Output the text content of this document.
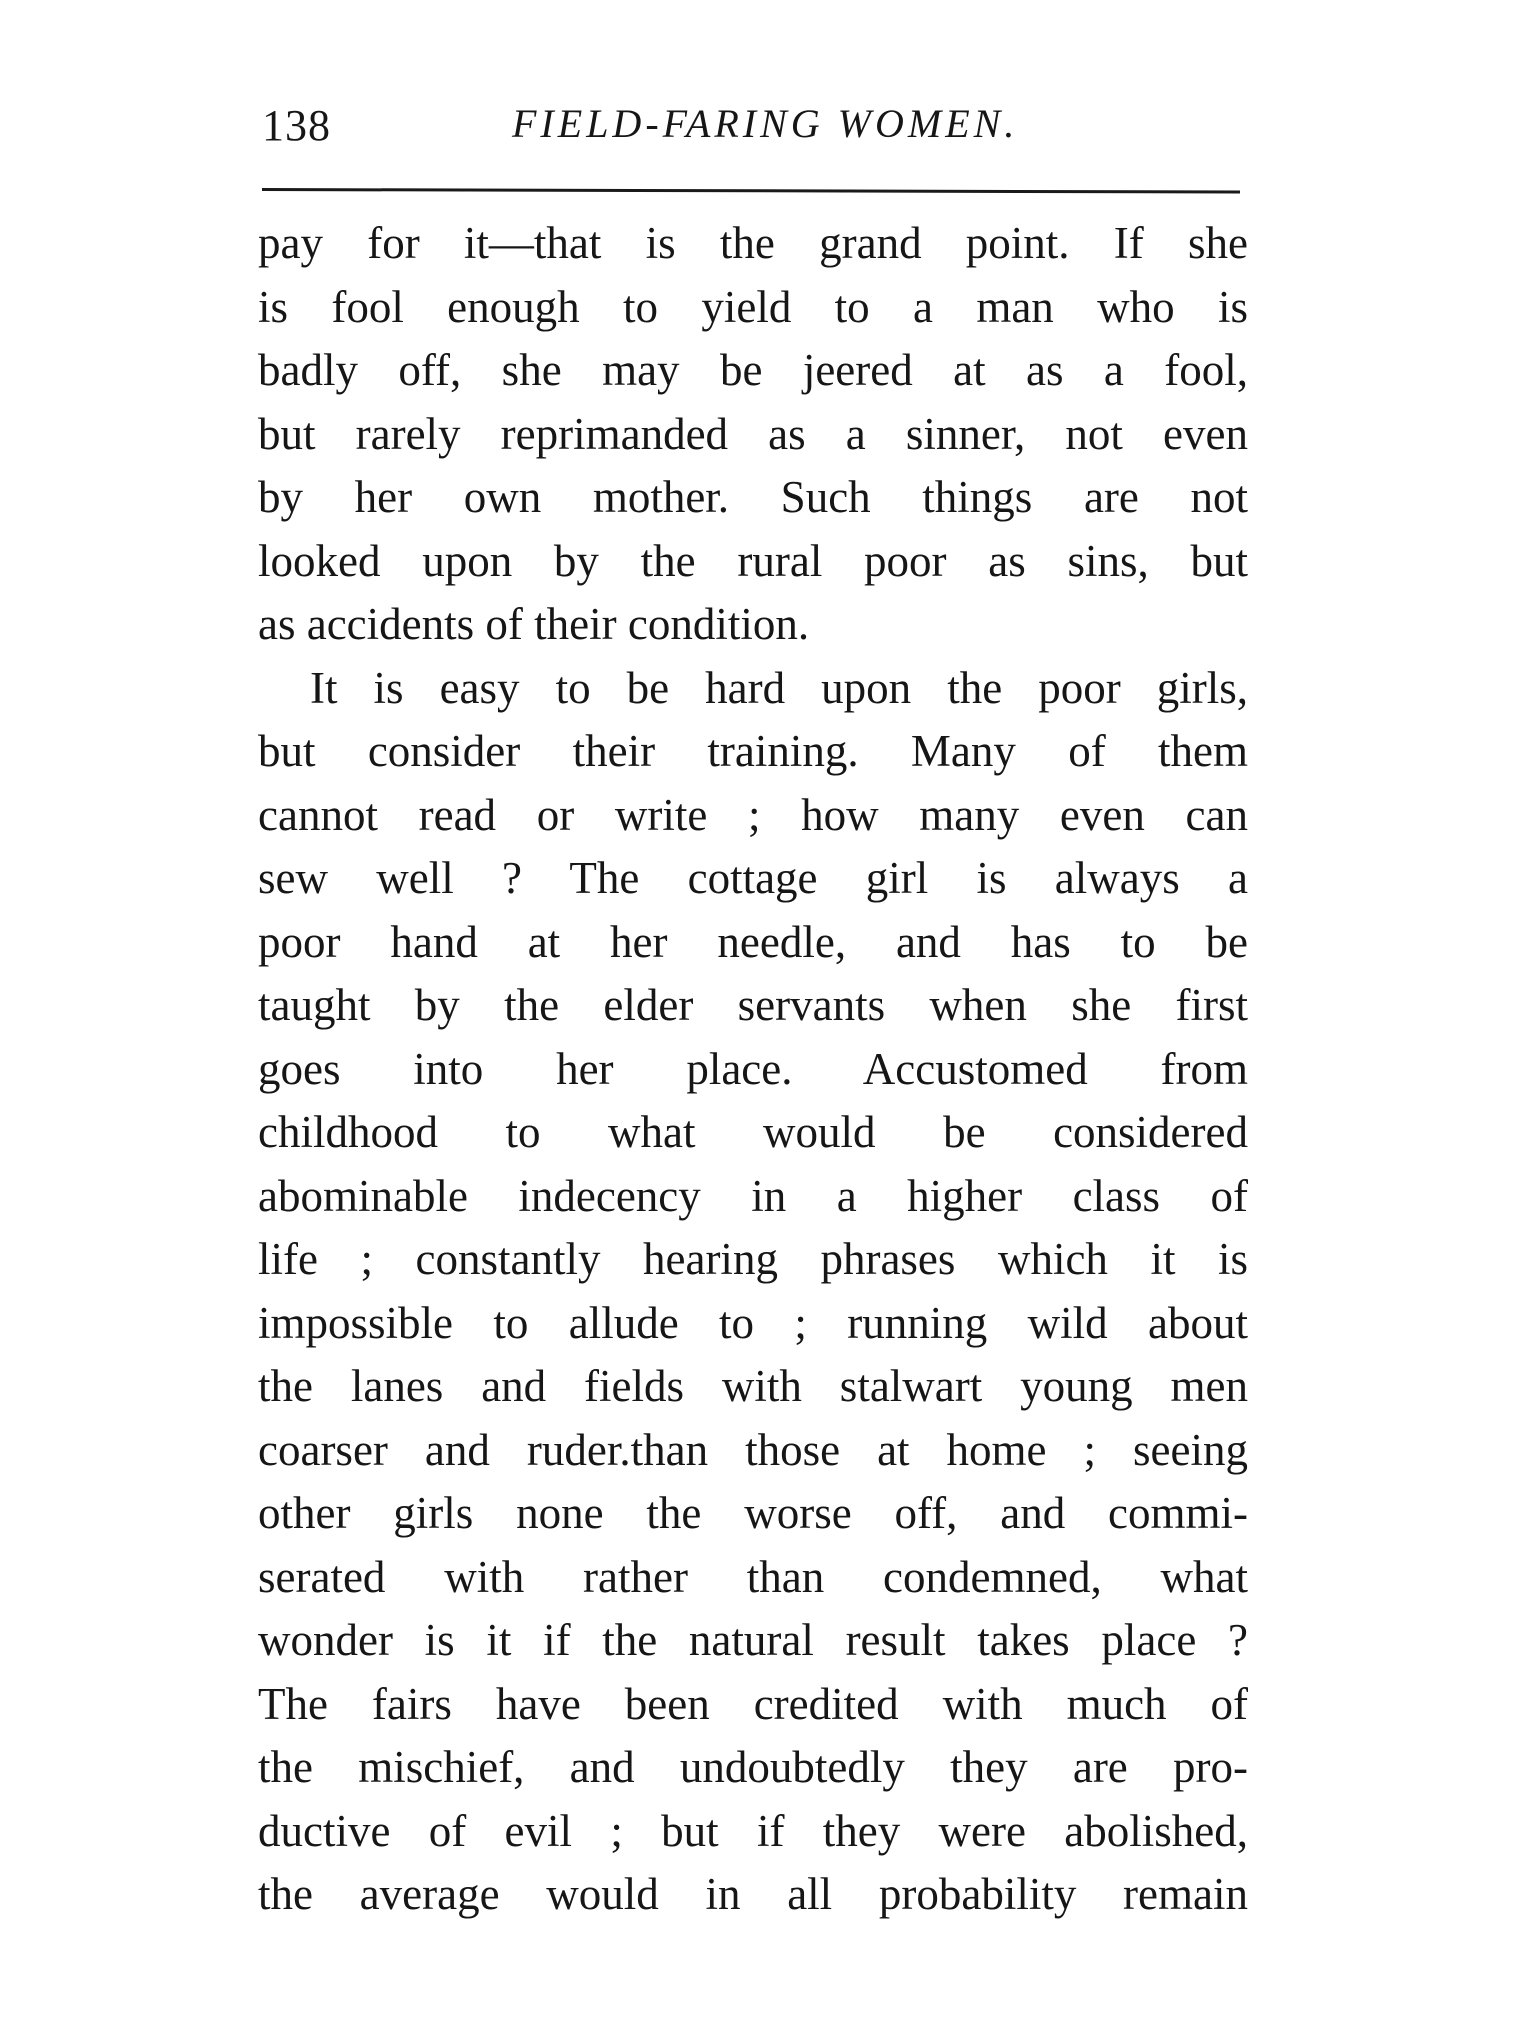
138	FIELD-FARING WOMEN.
pay for it—that is the grand point. If she
is fool enough to yield to a man who is
badly off, she may be jeered at as a fool,
but rarely reprimanded as a sinner, not even
by her own mother. Such things are not
looked upon by the rural poor as sins, but
as accidents of their condition.
It is easy to be hard upon the poor girls,
but consider their training. Many of them
cannot read or write ; how many even can
sew well ? The cottage girl is always a
poor hand at her needle, and has to be
taught by the elder servants when she first
goes into her place. Accustomed from
childhood to what would be considered
abominable indecency in a higher class of
life ; constantly hearing phrases which it is
impossible to allude to ; running wild about
the lanes and fields with stalwart young men
coarser and ruder.than those at home ; seeing
other girls none the worse off, and commi-
serated with rather than condemned, what
wonder is it if the natural result takes place ?
The fairs have been credited with much of
the mischief, and undoubtedly they are pro-
ductive of evil ; but if they were abolished,
the average would in all probability remain
